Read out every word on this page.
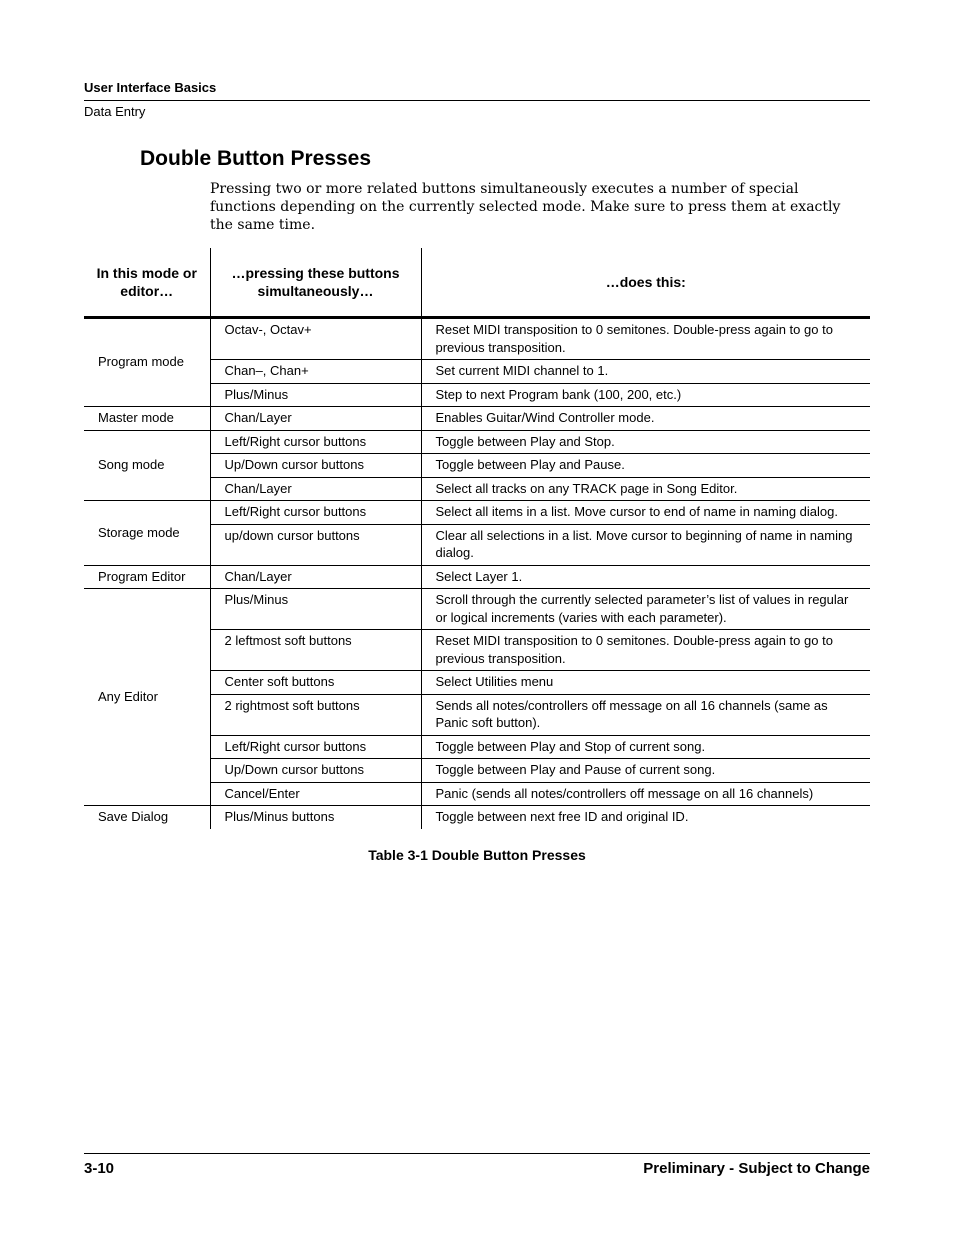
User Interface Basics
Data Entry
Double Button Presses

Pressing two or more related buttons simultaneously executes a number of special functions depending on the currently selected mode. Make sure to press them at exactly the same time.

In this mode or editor…	…pressing these buttons simultaneously…	…does this:
Program mode	Octav-, Octav+	Reset MIDI transposition to 0 semitones. Double-press again to go to previous transposition.
	Chan–, Chan+	Set current MIDI channel to 1.
	Plus/Minus	Step to next Program bank (100, 200, etc.)
Master mode	Chan/Layer	Enables Guitar/Wind Controller mode.
Song mode	Left/Right cursor buttons	Toggle between Play and Stop.
	Up/Down cursor buttons	Toggle between Play and Pause.
	Chan/Layer	Select all tracks on any TRACK page in Song Editor.
Storage mode	Left/Right cursor buttons	Select all items in a list. Move cursor to end of name in naming dialog.
	up/down cursor buttons	Clear all selections in a list. Move cursor to beginning of name in naming dialog.
Program Editor	Chan/Layer	Select Layer 1.
Any Editor	Plus/Minus	Scroll through the currently selected parameter’s list of values in regular or logical increments (varies with each parameter).
	2 leftmost soft buttons	Reset MIDI transposition to 0 semitones. Double-press again to go to previous transposition.
	Center soft buttons	Select Utilities menu
	2 rightmost soft buttons	Sends all notes/controllers off message on all 16 channels (same as Panic soft button).
	Left/Right cursor buttons	Toggle between Play and Stop of current song.
	Up/Down cursor buttons	Toggle between Play and Pause of current song.
	Cancel/Enter	Panic (sends all notes/controllers off message on all 16 channels)
Save Dialog	Plus/Minus buttons	Toggle between next free ID and original ID.
Table 3-1 Double Button Presses
3-10	Preliminary - Subject to Change
